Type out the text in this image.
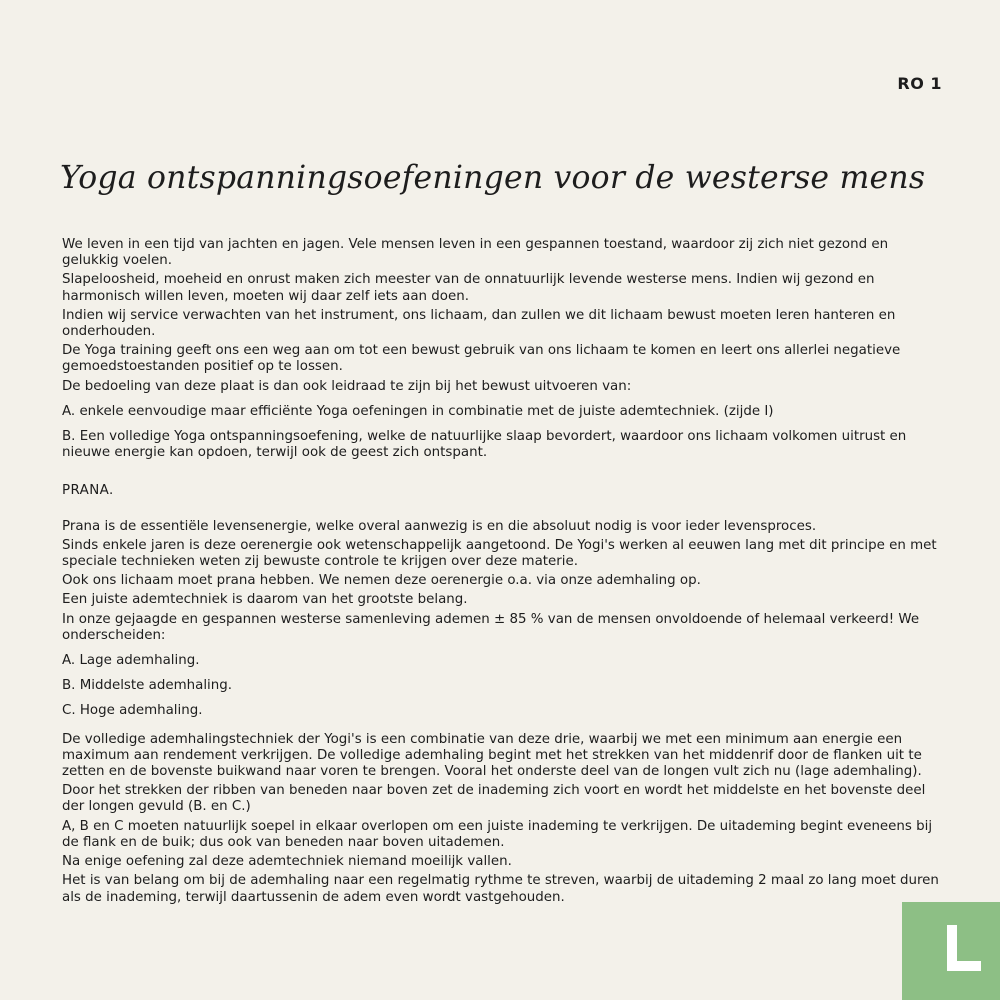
RO 1
Yoga ontspanningsoefeningen voor de westerse mens

We leven in een tijd van jachten en jagen. Vele mensen leven in een gespannen toestand, waardoor zij zich niet gezond en gelukkig voelen.

Slapeloosheid, moeheid en onrust maken zich meester van de onnatuurlijk levende westerse mens. Indien wij gezond en harmonisch willen leven, moeten wij daar zelf iets aan doen.

Indien wij service verwachten van het instrument, ons lichaam, dan zullen we dit lichaam bewust moeten leren hanteren en onderhouden.

De Yoga training geeft ons een weg aan om tot een bewust gebruik van ons lichaam te komen en leert ons allerlei negatieve gemoedstoestanden positief op te lossen.

De bedoeling van deze plaat is dan ook leidraad te zijn bij het bewust uitvoeren van:

A. enkele eenvoudige maar efficiënte Yoga oefeningen in combinatie met de juiste ademtechniek. (zijde I)

B. Een volledige Yoga ontspanningsoefening, welke de natuurlijke slaap bevordert, waardoor ons lichaam volkomen uitrust en nieuwe energie kan opdoen, terwijl ook de geest zich ontspant.

PRANA.

Prana is de essentiële levensenergie, welke overal aanwezig is en die absoluut nodig is voor ieder levensproces.

Sinds enkele jaren is deze oerenergie ook wetenschappelijk aangetoond. De Yogi's werken al eeuwen lang met dit principe en met speciale technieken weten zij bewuste controle te krijgen over deze materie.

Ook ons lichaam moet prana hebben. We nemen deze oerenergie o.a. via onze ademhaling op.

Een juiste ademtechniek is daarom van het grootste belang.

In onze gejaagde en gespannen westerse samenleving ademen ± 85 % van de mensen onvoldoende of helemaal verkeerd! We onderscheiden:

A. Lage ademhaling.

B. Middelste ademhaling.

C. Hoge ademhaling.

De volledige ademhalingstechniek der Yogi's is een combinatie van deze drie, waarbij we met een minimum aan energie een maximum aan rendement verkrijgen. De volledige ademhaling begint met het strekken van het middenrif door de flanken uit te zetten en de bovenste buikwand naar voren te brengen. Vooral het onderste deel van de longen vult zich nu (lage ademhaling).

Door het strekken der ribben van beneden naar boven zet de inademing zich voort en wordt het middelste en het bovenste deel der longen gevuld (B. en C.)

A, B en C moeten natuurlijk soepel in elkaar overlopen om een juiste inademing te verkrijgen. De uitademing begint eveneens bij de flank en de buik; dus ook van beneden naar boven uitademen.

Na enige oefening zal deze ademtechniek niemand moeilijk vallen.

Het is van belang om bij de ademhaling naar een regelmatig rythme te streven, waarbij de uitademing 2 maal zo lang moet duren als de inademing, terwijl daartussenin de adem even wordt vastgehouden.
